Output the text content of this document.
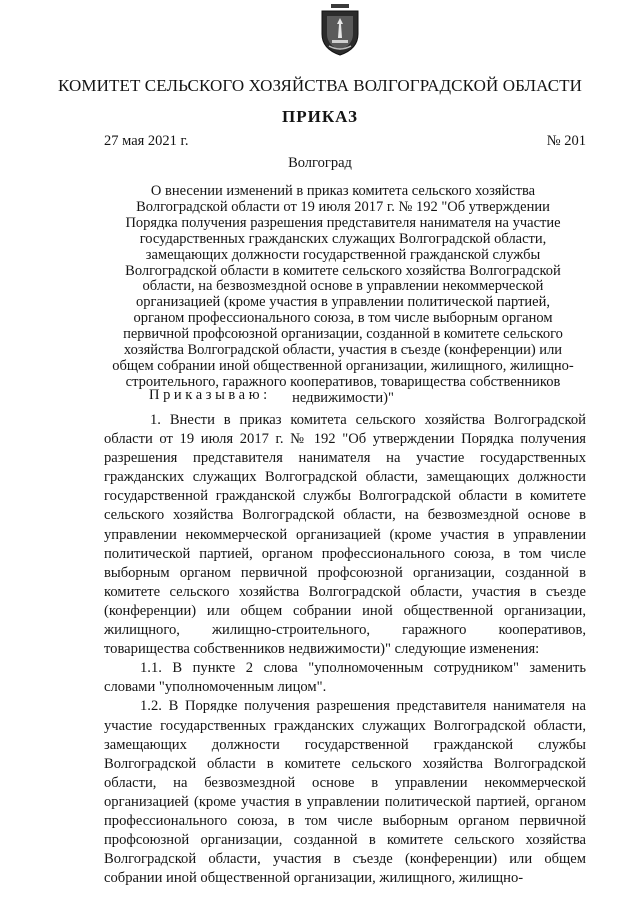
КОМИТЕТ СЕЛЬСКОГО ХОЗЯЙСТВА ВОЛГОГРАДСКОЙ ОБЛАСТИ
ПРИКАЗ
27 мая 2021 г.	№ 201
Волгоград
О внесении изменений в приказ комитета сельского хозяйства Волгоградской области от 19 июля 2017 г. № 192 "Об утверждении Порядка получения разрешения представителя нанимателя на участие государственных гражданских служащих Волгоградской области, замещающих должности государственной гражданской службы Волгоградской области в комитете сельского хозяйства Волгоградской области, на безвозмездной основе в управлении некоммерческой организацией (кроме участия в управлении политической партией, органом профессионального союза, в том числе выборным органом первичной профсоюзной организации, созданной в комитете сельского хозяйства Волгоградской области, участия в съезде (конференции) или общем собрании иной общественной организации, жилищного, жилищно-строительного, гаражного кооперативов, товарищества собственников недвижимости)"
Приказываю:

1. Внести в приказ комитета сельского хозяйства Волгоградской области от 19 июля 2017 г. № 192 "Об утверждении Порядка получения разрешения представителя нанимателя на участие государственных гражданских служащих Волгоградской области, замещающих должности государственной гражданской службы Волгоградской области в комитете сельского хозяйства Волгоградской области, на безвозмездной основе в управлении некоммерческой организацией (кроме участия в управлении политической партией, органом профессионального союза, в том числе выборным органом первичной профсоюзной организации, созданной в комитете сельского хозяйства Волгоградской области, участия в съезде (конференции) или общем собрании иной общественной организации, жилищного, жилищно-строительного, гаражного кооперативов, товарищества собственников недвижимости)" следующие изменения:

1.1. В пункте 2 слова "уполномоченным сотрудником" заменить словами "уполномоченным лицом".

1.2. В Порядке получения разрешения представителя нанимателя на участие государственных гражданских служащих Волгоградской области, замещающих должности государственной гражданской службы Волгоградской области в комитете сельского хозяйства Волгоградской области, на безвозмездной основе в управлении некоммерческой организацией (кроме участия в управлении политической партией, органом профессионального союза, в том числе выборным органом первичной профсоюзной организации, созданной в комитете сельского хозяйства Волгоградской области, участия в съезде (конференции) или общем собрании иной общественной организации, жилищного, жилищно-
